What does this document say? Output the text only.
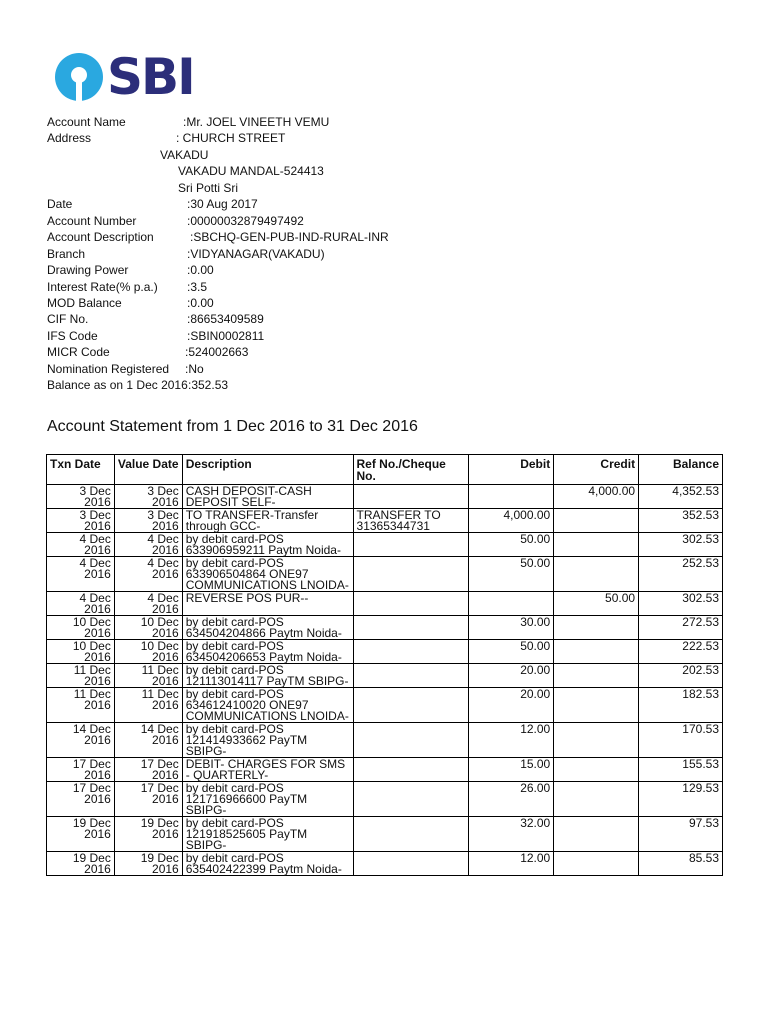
SBI
Account Name	:Mr. JOEL VINEETH VEMU
Address	: CHURCH STREET
VAKADU
VAKADU MANDAL-524413
Sri Potti Sri
Date	:30 Aug 2017
Account Number	:00000032879497492
Account Description	:SBCHQ-GEN-PUB-IND-RURAL-INR
Branch	:VIDYANAGAR(VAKADU)
Drawing Power	:0.00
Interest Rate(% p.a.) :3.5
MOD Balance	:0.00
CIF No.	:86653409589
IFS Code	:SBIN0002811
MICR Code	:524002663
Nomination Registered :No
Balance as on 1 Dec 2016 :352.53
Account Statement from 1 Dec 2016 to 31 Dec 2016
Txn Date	Value Date	Description	Ref No./Cheque No.	Debit	Credit	Balance
3 Dec 2016	3 Dec 2016	CASH DEPOSIT-CASH DEPOSIT SELF-			4,000.00	4,352.53
3 Dec 2016	3 Dec 2016	TO TRANSFER-Transfer through GCC-	TRANSFER TO 31365344731	4,000.00		352.53
4 Dec 2016	4 Dec 2016	by debit card-POS 633906959211 Paytm Noida-		50.00		302.53
4 Dec 2016	4 Dec 2016	by debit card-POS 633906504864 ONE97 COMMUNICATIONS LNOIDA-		50.00		252.53
4 Dec 2016	4 Dec 2016	REVERSE POS PUR--			50.00	302.53
10 Dec 2016	10 Dec 2016	by debit card-POS 634504204866 Paytm Noida-		30.00		272.53
10 Dec 2016	10 Dec 2016	by debit card-POS 634504206653 Paytm Noida-		50.00		222.53
11 Dec 2016	11 Dec 2016	by debit card-POS 121113014117 PayTM SBIPG-		20.00		202.53
11 Dec 2016	11 Dec 2016	by debit card-POS 634612410020 ONE97 COMMUNICATIONS LNOIDA-		20.00		182.53
14 Dec 2016	14 Dec 2016	by debit card-POS 121414933662 PayTM SBIPG-		12.00		170.53
17 Dec 2016	17 Dec 2016	DEBIT- CHARGES FOR SMS - QUARTERLY-		15.00		155.53
17 Dec 2016	17 Dec 2016	by debit card-POS 121716966600 PayTM SBIPG-		26.00		129.53
19 Dec 2016	19 Dec 2016	by debit card-POS 121918525605 PayTM SBIPG-		32.00		97.53
19 Dec 2016	19 Dec 2016	by debit card-POS 635402422399 Paytm Noida-		12.00		85.53
